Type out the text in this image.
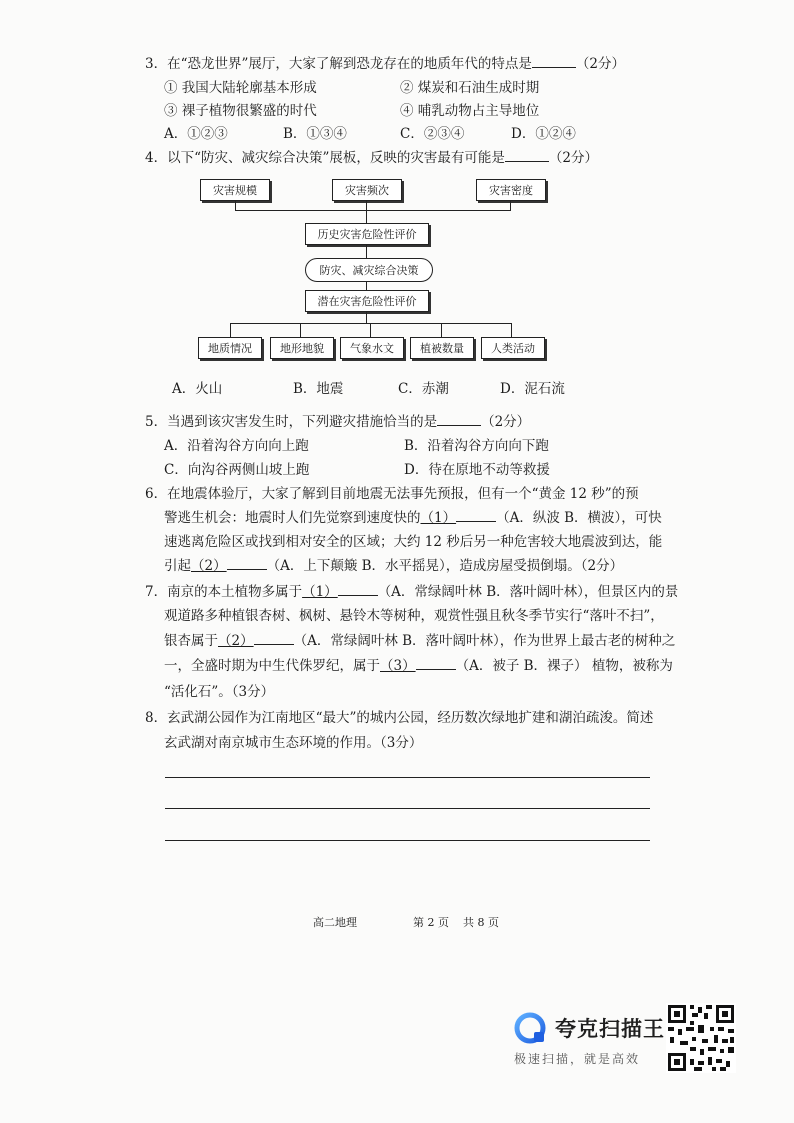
3．在“恐龙世界”展厅，大家了解到恐龙存在的地质年代的特点是	（2分）
① 我国大陆轮廓基本形成	② 煤炭和石油生成时期
③ 裸子植物很繁盛的时代	④ 哺乳动物占主导地位
A．①②③	B．①③④	C．②③④	D．①②④
4．以下“防灾、减灾综合决策”展板，反映的灾害最有可能是	（2分）
灾害规模	灾害频次	灾害密度
历史灾害危险性评价
防灾、减灾综合决策
潜在灾害危险性评价
地质情况	地形地貌	气象水文	植被数量	人类活动
A．火山	B．地震	C．赤潮	D．泥石流
5．当遇到该灾害发生时，下列避灾措施恰当的是	（2分）
A．沿着沟谷方向向上跑	B．沿着沟谷方向向下跑
C．向沟谷两侧山坡上跑	D．待在原地不动等救援
6．在地震体验厅，大家了解到目前地震无法事先预报，但有一个“黄金 12 秒”的预
警逃生机会：地震时人们先觉察到速度快的（1）	（A．纵波 B．横波），可快
速逃离危险区或找到相对安全的区域；大约 12 秒后另一种危害较大地震波到达，能
引起（2）	（A．上下颠簸 B．水平摇晃），造成房屋受损倒塌。（2分）
7．南京的本土植物多属于（1）	（A．常绿阔叶林 B．落叶阔叶林），但景区内的景
观道路多种植银杏树、枫树、悬铃木等树种，观赏性强且秋冬季节实行“落叶不扫”，
银杏属于（2）	（A．常绿阔叶林 B．落叶阔叶林），作为世界上最古老的树种之
一，全盛时期为中生代侏罗纪，属于（3）	（A．被子 B．裸子） 植物，被称为
“活化石”。（3分）
8．玄武湖公园作为江南地区“最大”的城内公园，经历数次绿地扩建和湖泊疏浚。简述
玄武湖对南京城市生态环境的作用。（3分）
高二地理	第 2 页 共 8 页
夸克扫描王
极速扫描，就是高效
